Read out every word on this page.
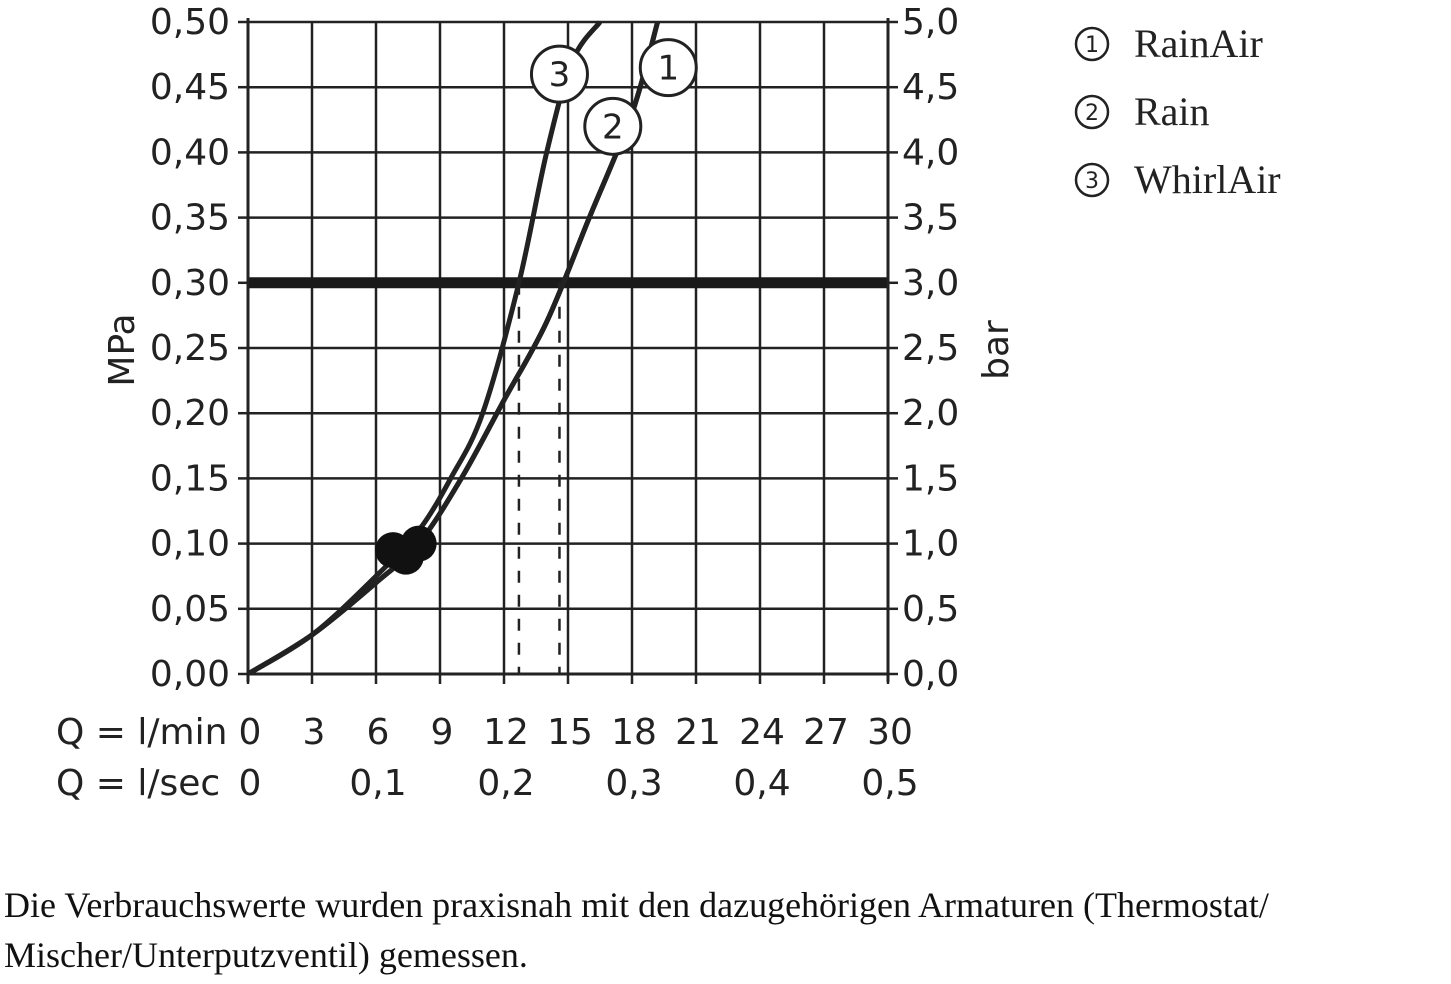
0,00
0,05
0,10
0,15
0,20
0,25
0,30
0,35
0,40
0,45
0,50
0,0
0,5
1,0
1,5
2,0
2,5
3,0
3,5
4,0
4,5
5,0
MPa	bar
Q = l/min 0 3 6 9 12 15 18 21 24 27 30
Q = l/sec 0 0,1 0,2 0,3 0,4 0,5
1
2
3
1 RainAir
2 Rain
3 WhirlAir

Die Verbrauchswerte wurden praxisnah mit den dazugehörigen Armaturen (Thermostat/ Mischer/Unterputzventil) gemessen.
